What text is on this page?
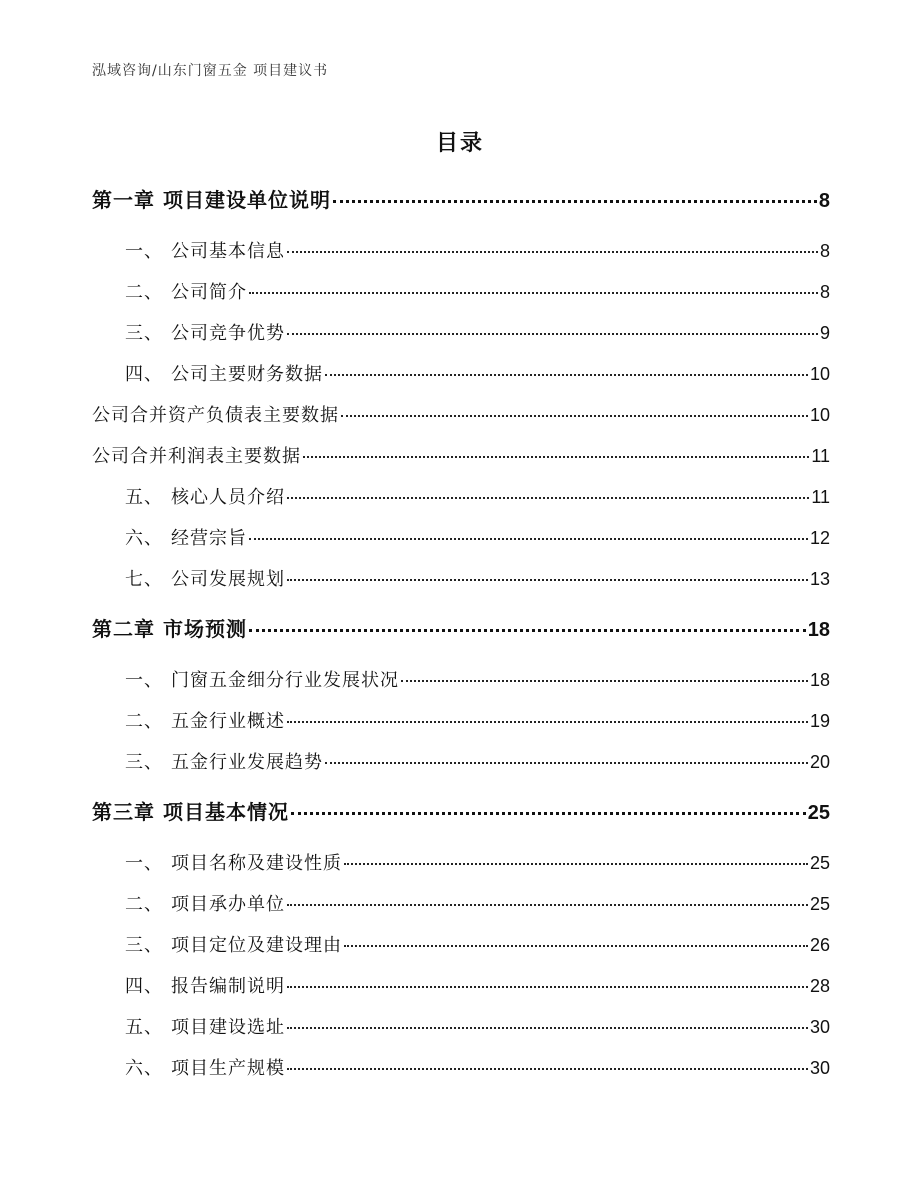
泓域咨询/山东门窗五金 项目建议书
目录
第一章 项目建设单位说明	8
一、 公司基本信息	8
二、 公司简介	8
三、 公司竞争优势	9
四、 公司主要财务数据	10
公司合并资产负债表主要数据	10
公司合并利润表主要数据	11
五、 核心人员介绍	11
六、 经营宗旨	12
七、 公司发展规划	13
第二章 市场预测	18
一、 门窗五金细分行业发展状况	18
二、 五金行业概述	19
三、 五金行业发展趋势	20
第三章 项目基本情况	25
一、 项目名称及建设性质	25
二、 项目承办单位	25
三、 项目定位及建设理由	26
四、 报告编制说明	28
五、 项目建设选址	30
六、 项目生产规模	30
